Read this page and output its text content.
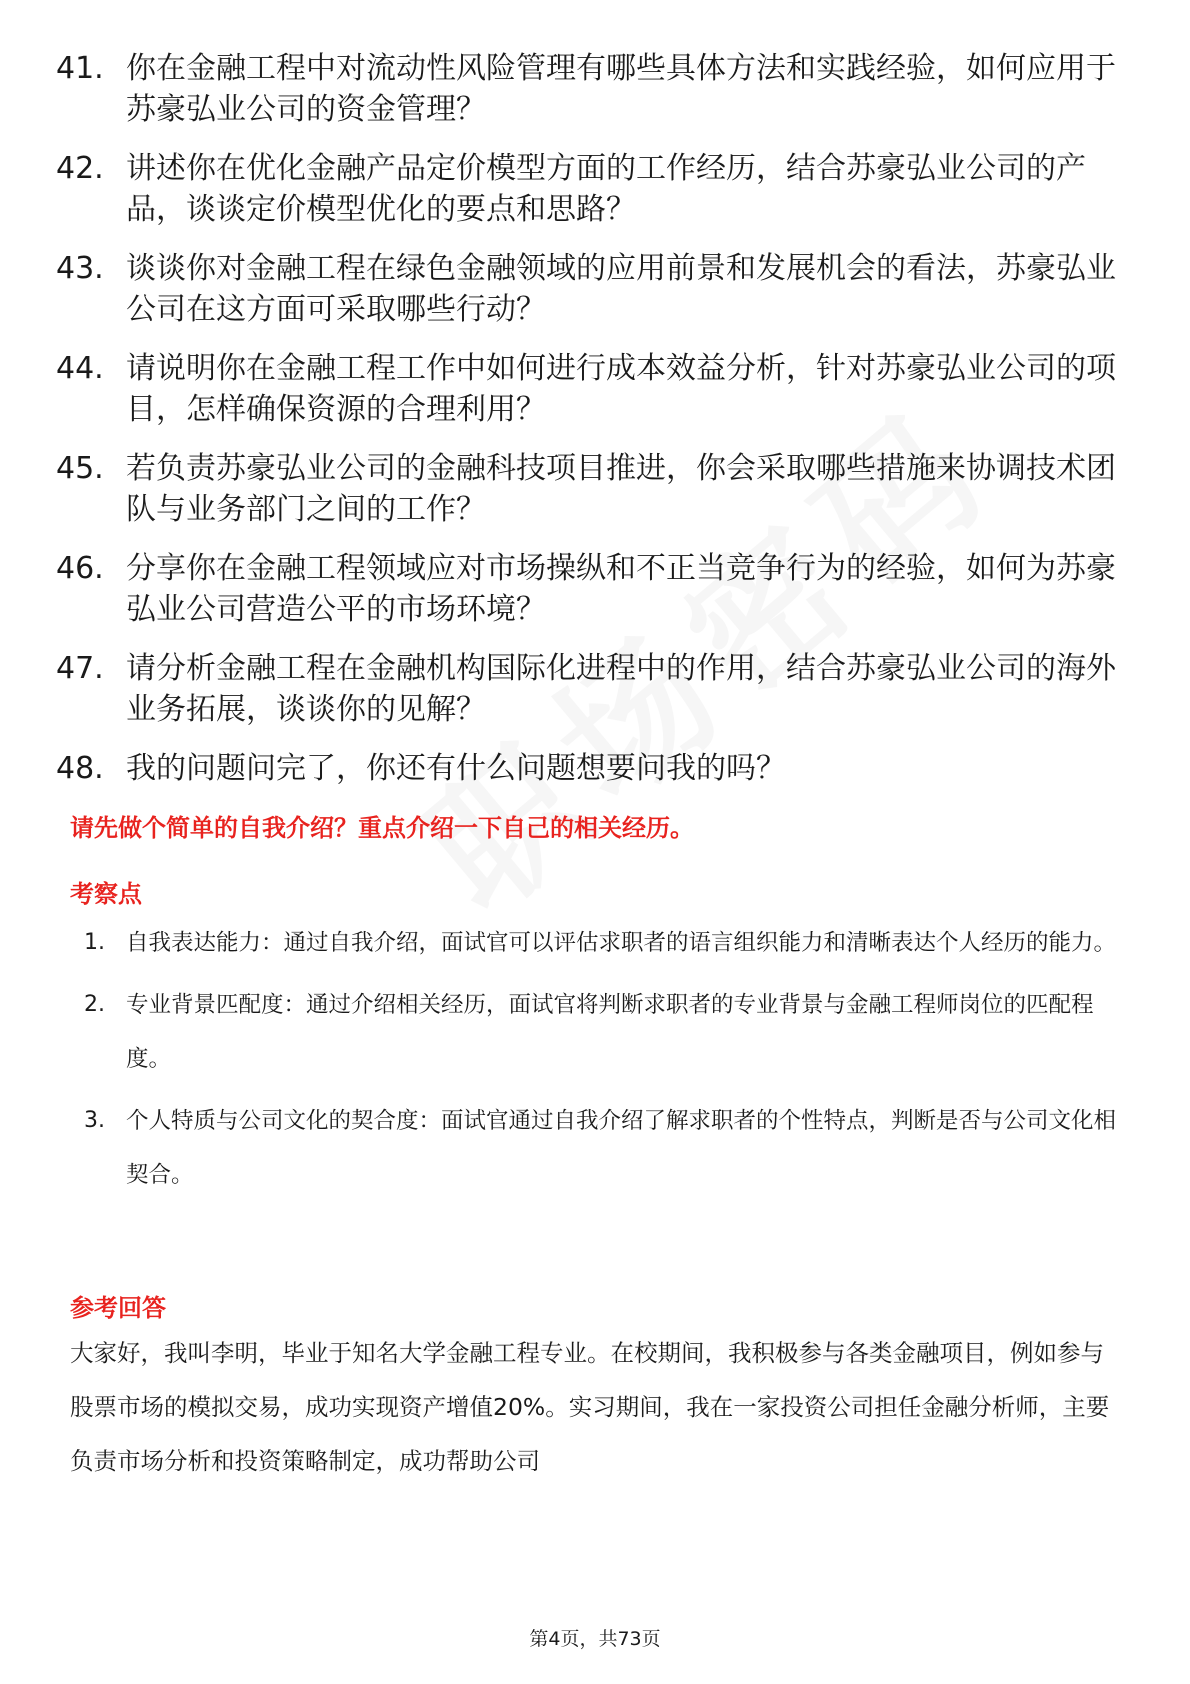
41. 你在金融工程中对流动性风险管理有哪些具体方法和实践经验，如何应用于苏豪弘业公司的资金管理？
42. 讲述你在优化金融产品定价模型方面的工作经历，结合苏豪弘业公司的产品，谈谈定价模型优化的要点和思路？
43. 谈谈你对金融工程在绿色金融领域的应用前景和发展机会的看法，苏豪弘业公司在这方面可采取哪些行动？
44. 请说明你在金融工程工作中如何进行成本效益分析，针对苏豪弘业公司的项目，怎样确保资源的合理利用？
45. 若负责苏豪弘业公司的金融科技项目推进，你会采取哪些措施来协调技术团队与业务部门之间的工作？
46. 分享你在金融工程领域应对市场操纵和不正当竞争行为的经验，如何为苏豪弘业公司营造公平的市场环境？
47. 请分析金融工程在金融机构国际化进程中的作用，结合苏豪弘业公司的海外业务拓展，谈谈你的见解？
48. 我的问题问完了，你还有什么问题想要问我的吗？
请先做个简单的自我介绍？重点介绍一下自己的相关经历。
考察点
1. 自我表达能力：通过自我介绍，面试官可以评估求职者的语言组织能力和清晰表达个人经历的能力。
2. 专业背景匹配度：通过介绍相关经历，面试官将判断求职者的专业背景与金融工程师岗位的匹配程度。
3. 个人特质与公司文化的契合度：面试官通过自我介绍了解求职者的个性特点，判断是否与公司文化相契合。
参考回答
大家好，我叫李明，毕业于知名大学金融工程专业。在校期间，我积极参与各类金融项目，例如参与股票市场的模拟交易，成功实现资产增值20%。实习期间，我在一家投资公司担任金融分析师，主要负责市场分析和投资策略制定，成功帮助公司
第4页，共73页
